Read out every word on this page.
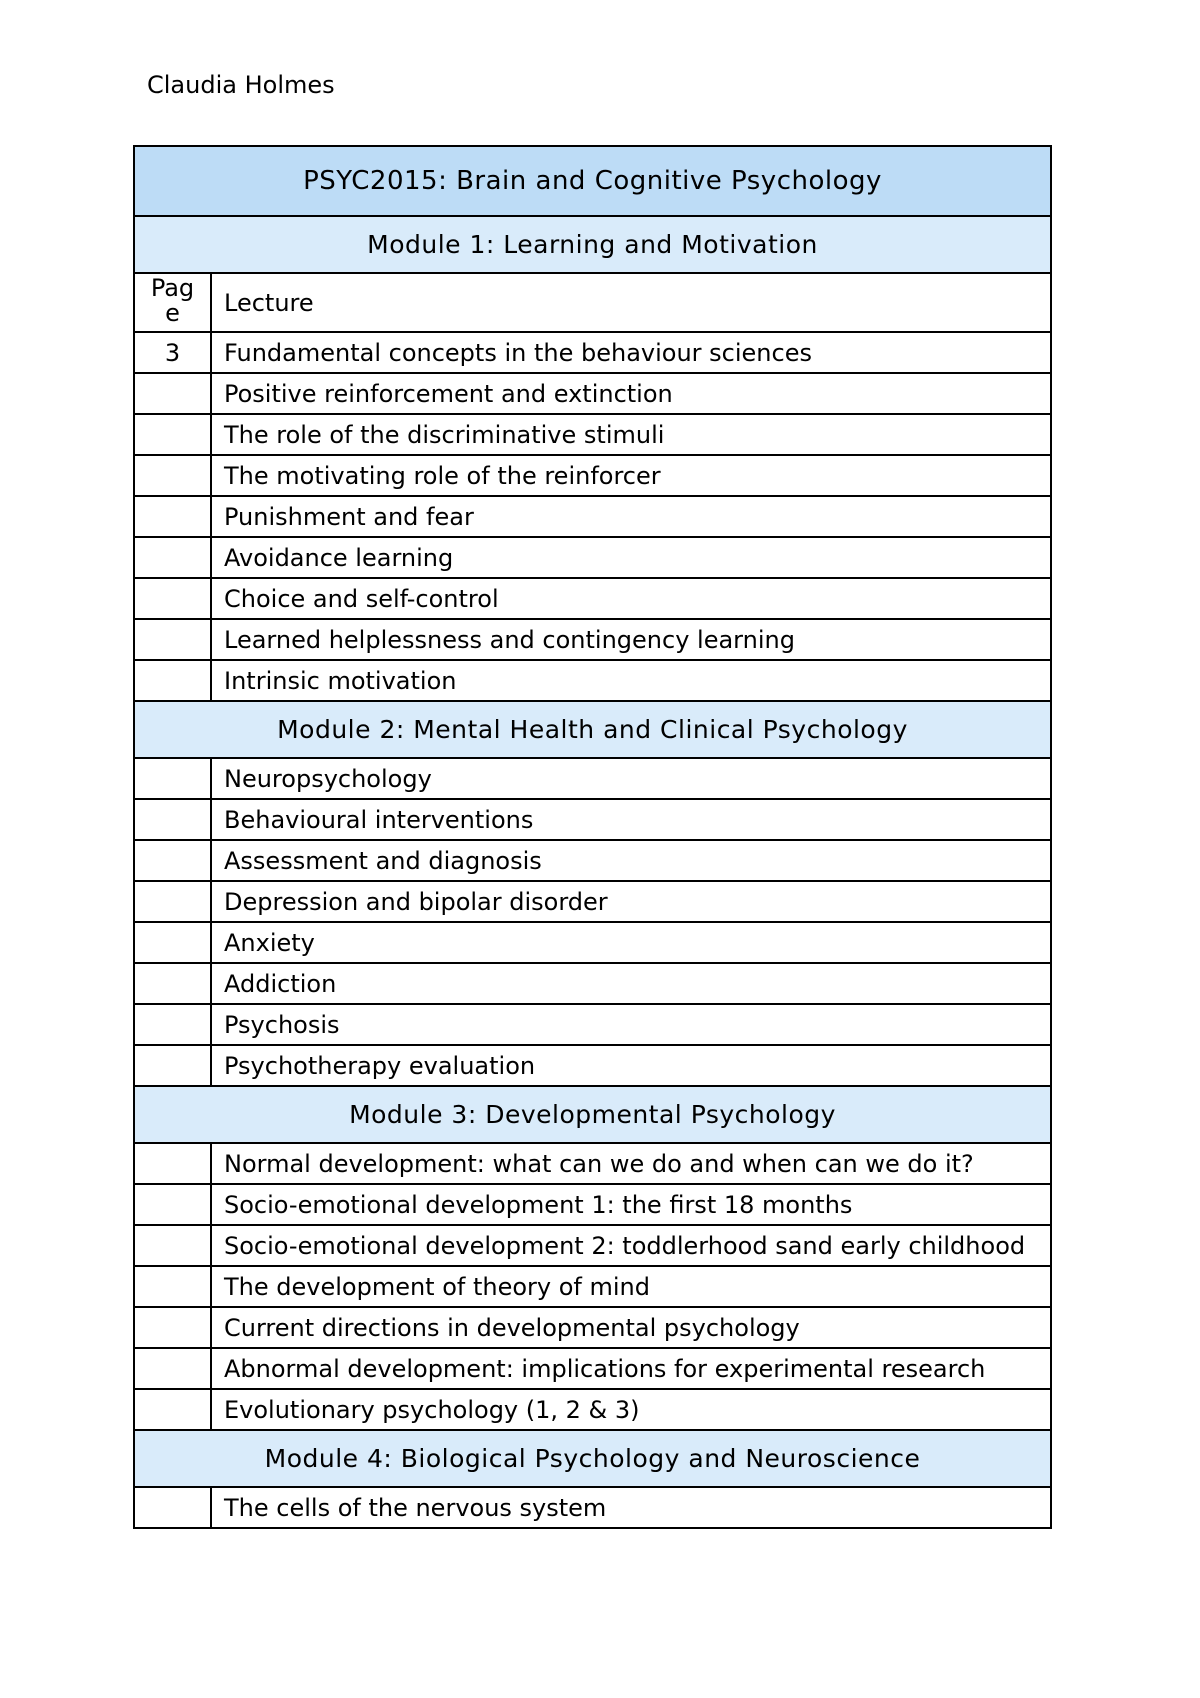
Claudia Holmes
PSYC2015: Brain and Cognitive Psychology	
Module 1: Learning and Motivation	
Pag e	Lecture
3	Fundamental concepts in the behaviour sciences
	Positive reinforcement and extinction
	The role of the discriminative stimuli
	The motivating role of the reinforcer
	Punishment and fear
	Avoidance learning
	Choice and self-control
	Learned helplessness and contingency learning
	Intrinsic motivation
Module 2: Mental Health and Clinical Psychology	
	Neuropsychology
	Behavioural interventions
	Assessment and diagnosis
	Depression and bipolar disorder
	Anxiety
	Addiction
	Psychosis
	Psychotherapy evaluation
Module 3: Developmental Psychology	
	Normal development: what can we do and when can we do it?
	Socio-emotional development 1: the first 18 months
	Socio-emotional development 2: toddlerhood sand early childhood
	The development of theory of mind
	Current directions in developmental psychology
	Abnormal development: implications for experimental research
	Evolutionary psychology (1, 2 & 3)
Module 4: Biological Psychology and Neuroscience	
	The cells of the nervous system
